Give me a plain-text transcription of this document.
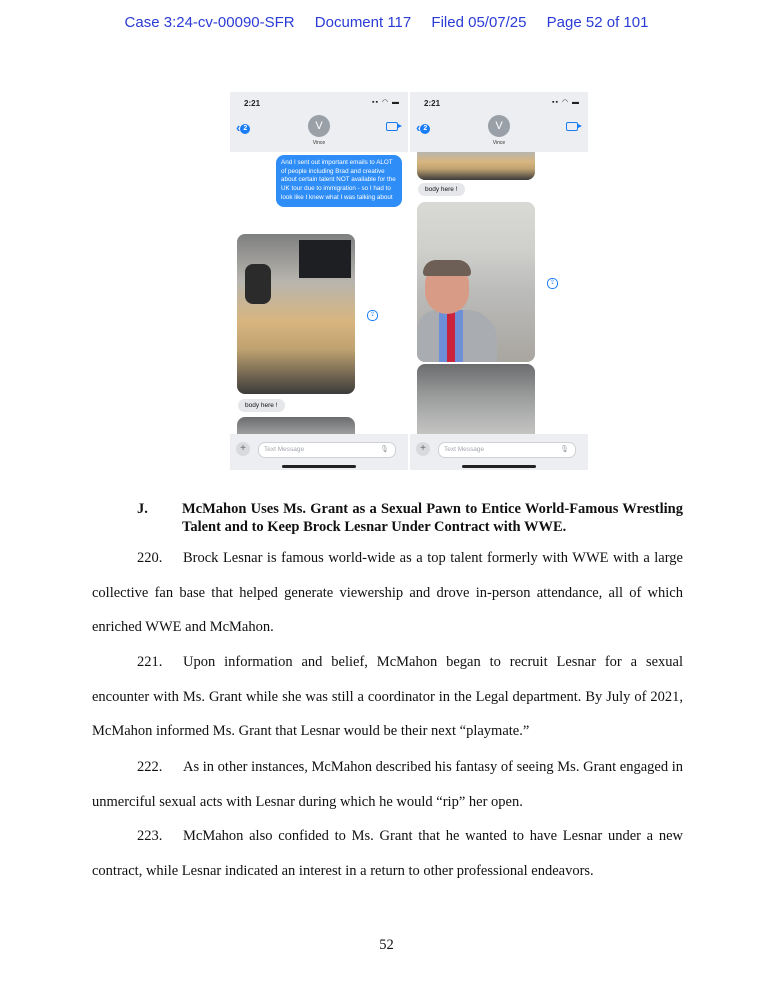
Case 3:24-cv-00090-SFR Document 117 Filed 05/07/25 Page 52 of 101
2:21	▪▪ ◠ ▬
‹ 2	V
Vince
And I sent out important emails to ALOT of people including Brad and creative about certain talent NOT available for the UK tour due to immigration - so I had to look like I knew what I was talking about
⇪
body here !
+	Text Message	🎙
2:21	▪▪ ◠ ▬
‹ 2	V
Vince
body here !
⇪
+	Text Message	🎙
J. McMahon Uses Ms. Grant as a Sexual Pawn to Entice World-Famous Wrestling Talent and to Keep Brock Lesnar Under Contract with WWE.
220. Brock Lesnar is famous world-wide as a top talent formerly with WWE with a large collective fan base that helped generate viewership and drove in-person attendance, all of which enriched WWE and McMahon.
221. Upon information and belief, McMahon began to recruit Lesnar for a sexual encounter with Ms. Grant while she was still a coordinator in the Legal department. By July of 2021, McMahon informed Ms. Grant that Lesnar would be their next “playmate.”
222. As in other instances, McMahon described his fantasy of seeing Ms. Grant engaged in unmerciful sexual acts with Lesnar during which he would “rip” her open.
223. McMahon also confided to Ms. Grant that he wanted to have Lesnar under a new contract, while Lesnar indicated an interest in a return to other professional endeavors.
52
